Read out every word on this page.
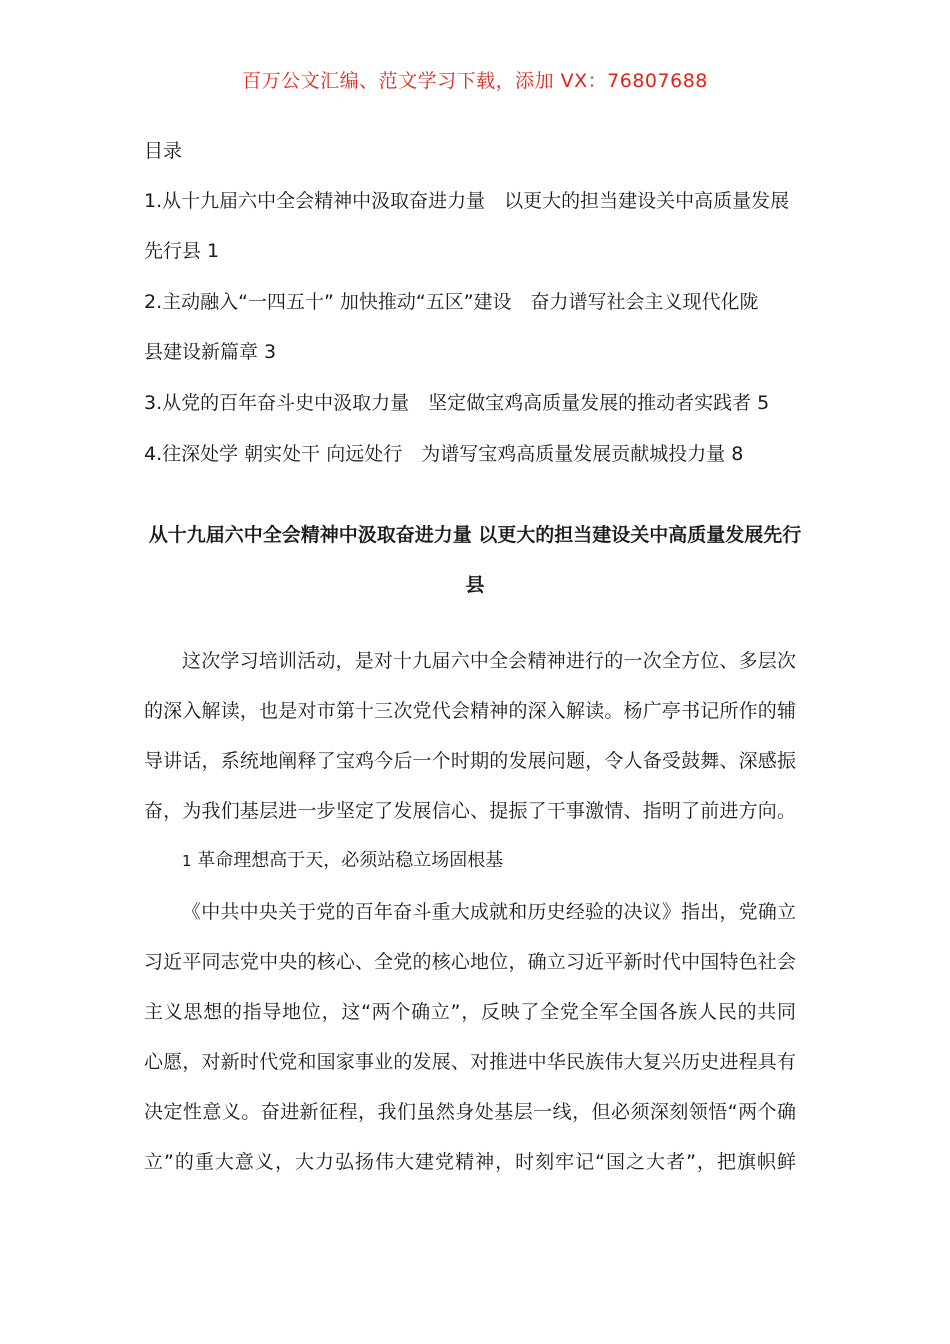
百万公文汇编、范文学习下载，添加 VX：76807688
目录
1.从十九届六中全会精神中汲取奋进力量　以更大的担当建设关中高质量发展
先行县 1
2.主动融入“一四五十” 加快推动“五区”建设　奋力谱写社会主义现代化陇
县建设新篇章 3
3.从党的百年奋斗史中汲取力量　坚定做宝鸡高质量发展的推动者实践者 5
4.往深处学 朝实处干 向远处行　为谱写宝鸡高质量发展贡献城投力量 8
从十九届六中全会精神中汲取奋进力量 以更大的担当建设关中高质量发展先行
县
这次学习培训活动，是对十九届六中全会精神进行的一次全方位、多层次
的深入解读，也是对市第十三次党代会精神的深入解读。杨广亭书记所作的辅
导讲话，系统地阐释了宝鸡今后一个时期的发展问题，令人备受鼓舞、深感振
奋，为我们基层进一步坚定了发展信心、提振了干事激情、指明了前进方向。
1 革命理想高于天，必须站稳立场固根基
《中共中央关于党的百年奋斗重大成就和历史经验的决议》指出，党确立
习近平同志党中央的核心、全党的核心地位，确立习近平新时代中国特色社会
主义思想的指导地位，这“两个确立”，反映了全党全军全国各族人民的共同
心愿，对新时代党和国家事业的发展、对推进中华民族伟大复兴历史进程具有
决定性意义。奋进新征程，我们虽然身处基层一线，但必须深刻领悟“两个确
立”的重大意义，大力弘扬伟大建党精神，时刻牢记“国之大者”，把旗帜鲜
